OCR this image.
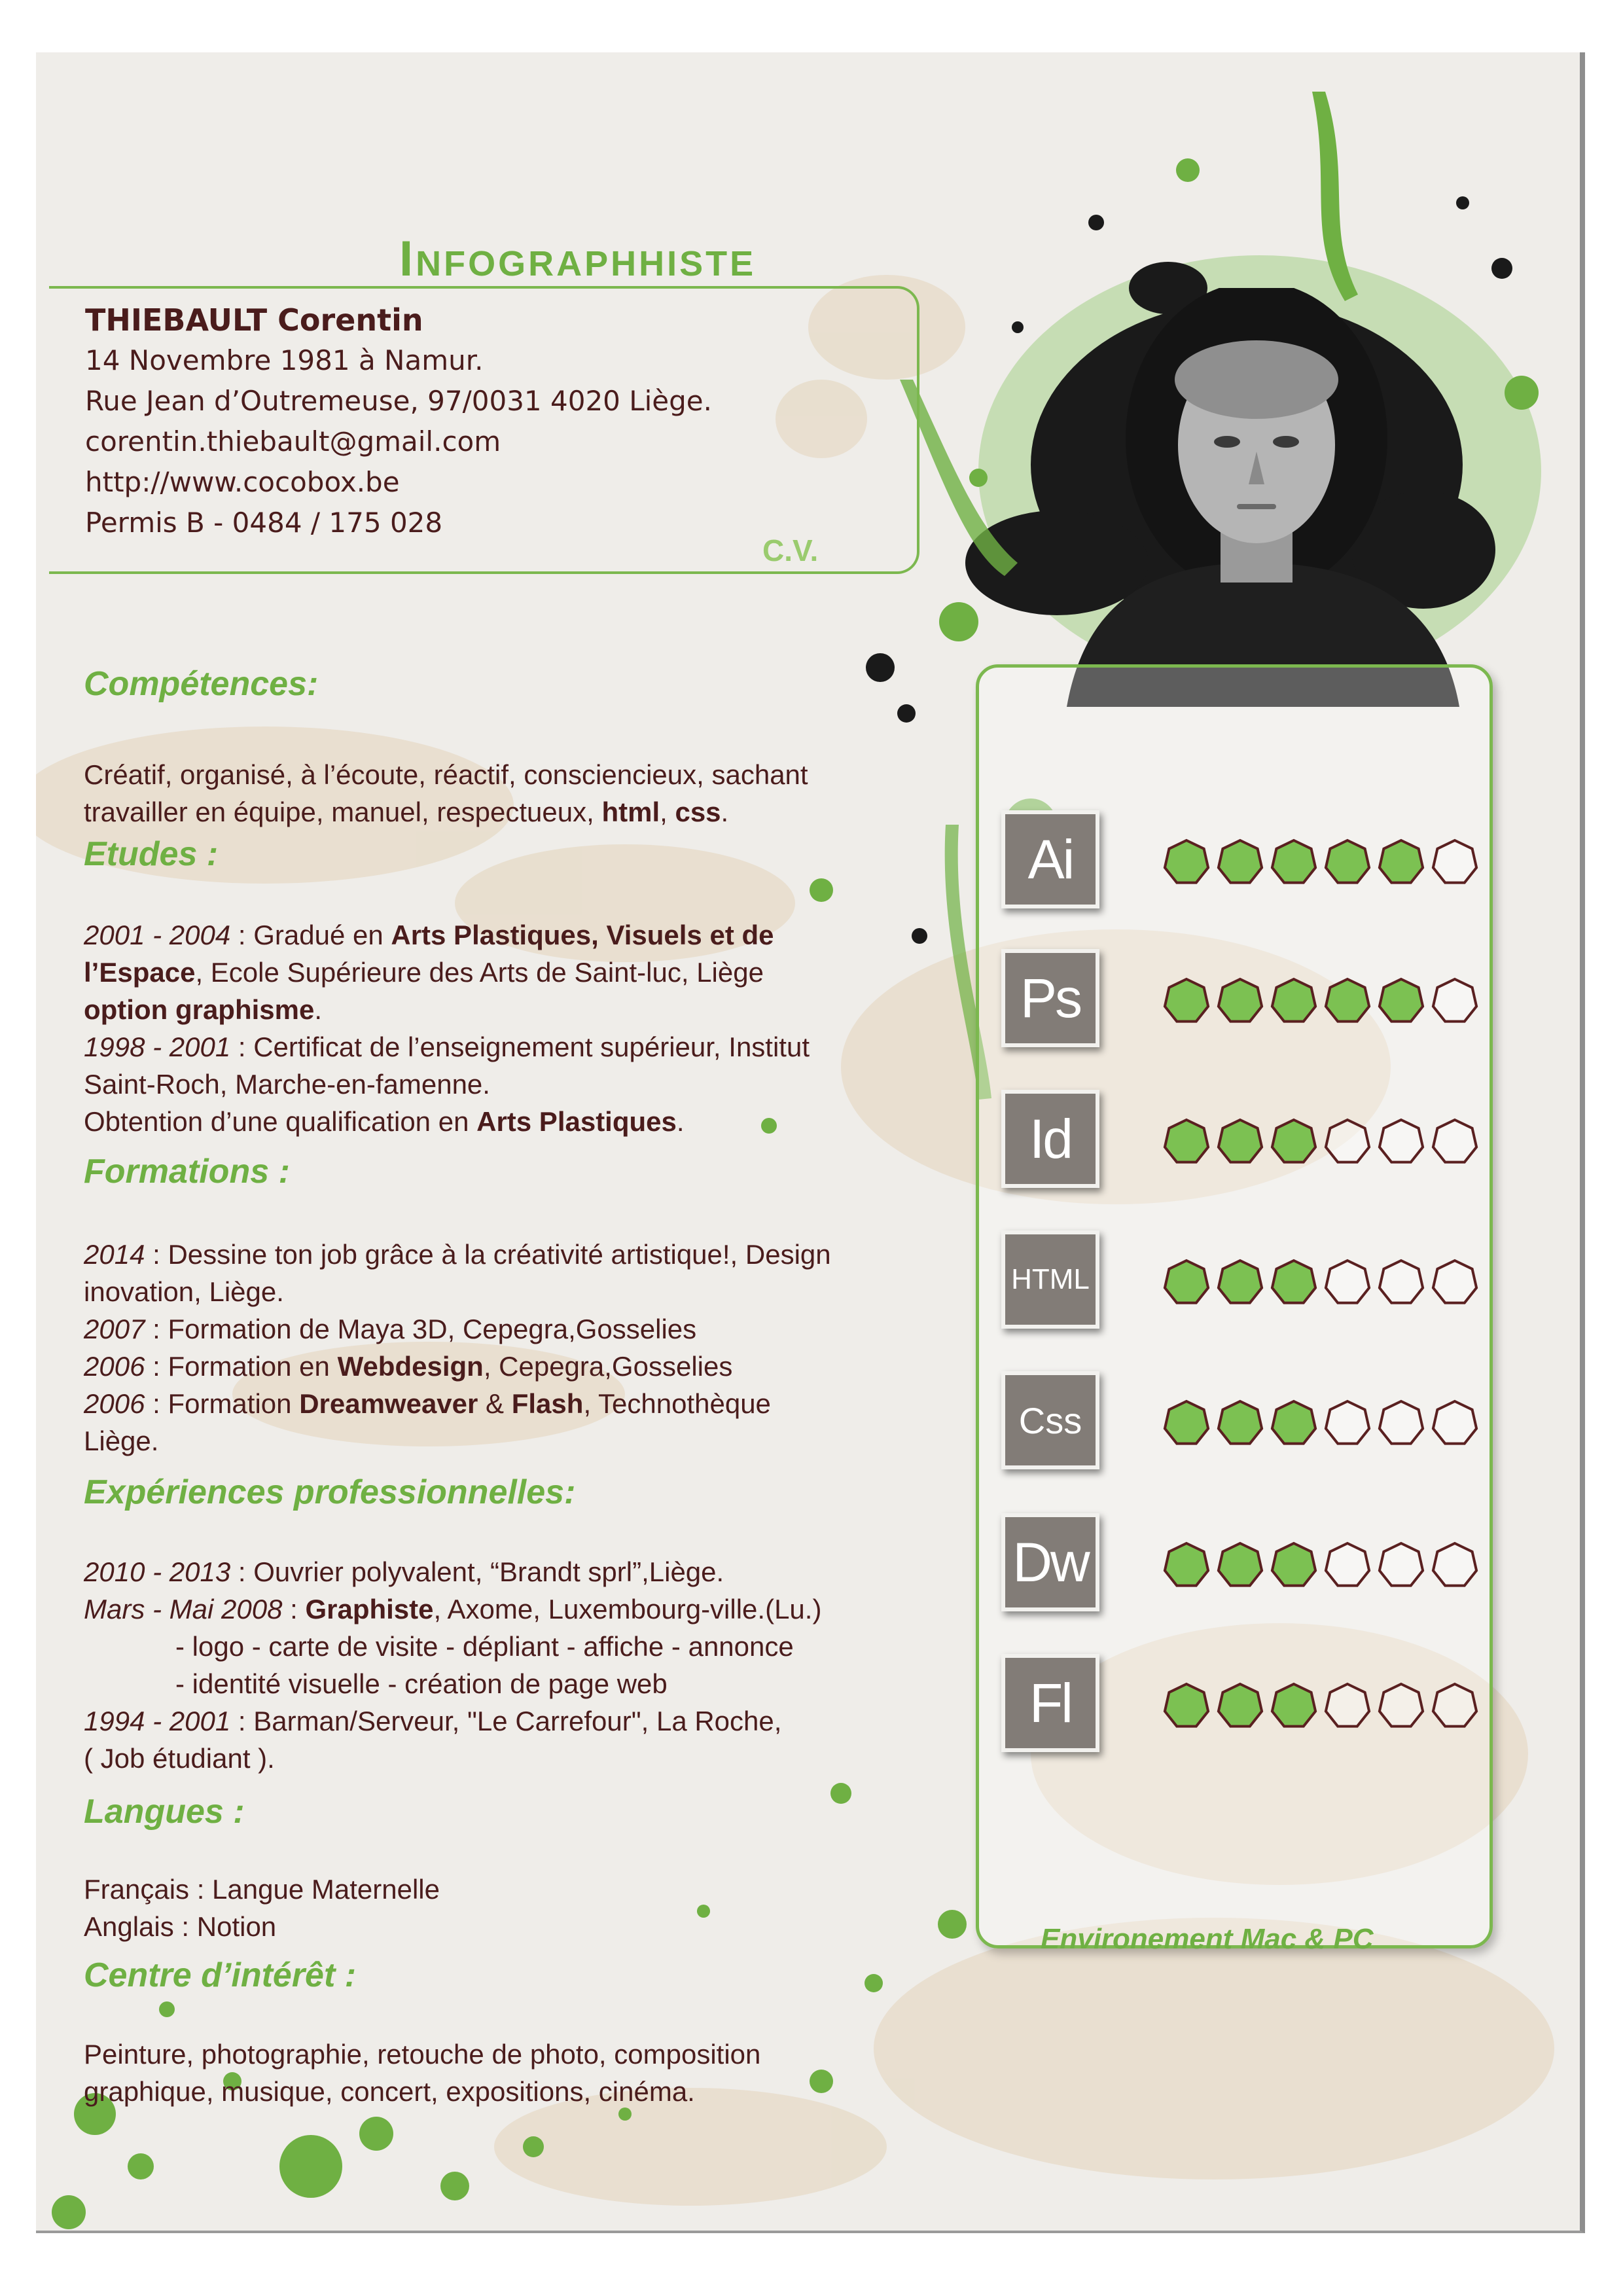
INFOGRAPHHISTE
THIEBAULT Corentin
14 Novembre 1981 à Namur.
Rue Jean d’Outremeuse, 97/0031 4020 Liège.
corentin.thiebault@gmail.com
http://www.cocobox.be
Permis B - 0484 / 175 028
C.V.
Compétences:

Créatif, organisé, à l’écoute, réactif, consciencieux, sachant

travailler en équipe, manuel, respectueux, html, css.

Etudes :

2001 - 2004 : Gradué en Arts Plastiques, Visuels et de

l’Espace, Ecole Supérieure des Arts de Saint-luc, Liège

option graphisme.

1998 - 2001 : Certificat de l’enseignement supérieur, Institut

Saint-Roch, Marche-en-famenne.

Obtention d’une qualification en Arts Plastiques.

Formations :

2014 : Dessine ton job grâce à la créativité artistique!, Design

inovation, Liège.

2007 : Formation de Maya 3D, Cepegra,Gosselies

2006 : Formation en Webdesign, Cepegra,Gosselies

2006 : Formation Dreamweaver & Flash, Technothèque

Liège.

Expériences professionnelles:

2010 - 2013 : Ouvrier polyvalent, “Brandt sprl”,Liège.

Mars - Mai 2008 : Graphiste, Axome, Luxembourg-ville.(Lu.)

- logo - carte de visite - dépliant - affiche - annonce

- identité visuelle - création de page web

1994 - 2001 : Barman/Serveur, "Le Carrefour", La Roche,

( Job étudiant ).

Langues :

Français : Langue Maternelle

Anglais : Notion

Centre d’intérêt :

Peinture, photographie, retouche de photo, composition

graphique, musique, concert, expositions, cinéma.

Ai
Ps
Id
HTML
Css
Dw
Fl
Environement Mac & PC
